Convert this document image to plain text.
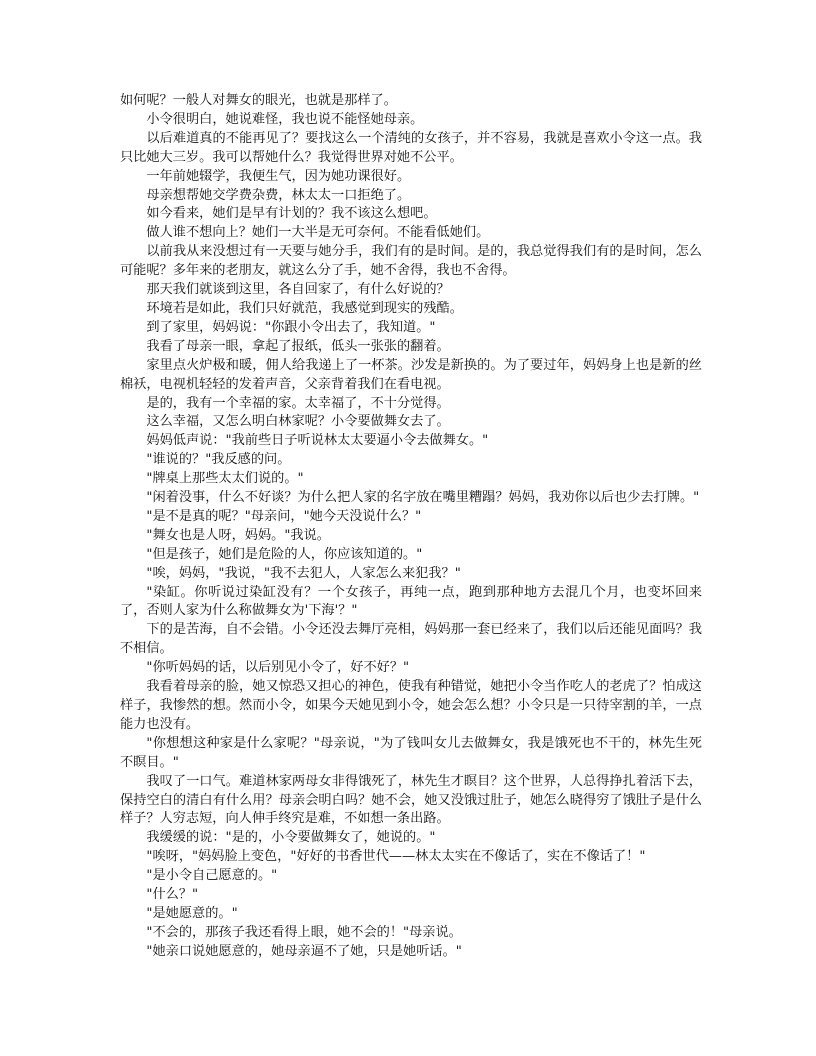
如何呢？一般人对舞女的眼光，也就是那样了。

小令很明白，她说难怪，我也说不能怪她母亲。

以后难道真的不能再见了？要找这么一个清纯的女孩子，并不容易，我就是喜欢小令这一点。我只比她大三岁。我可以帮她什么？我觉得世界对她不公平。

一年前她辍学，我便生气，因为她功课很好。

母亲想帮她交学费杂费，林太太一口拒绝了。

如今看来，她们是早有计划的？我不该这么想吧。

做人谁不想向上？她们一大半是无可奈何。不能看低她们。

以前我从来没想过有一天要与她分手，我们有的是时间。是的，我总觉得我们有的是时间，怎么可能呢？多年来的老朋友，就这么分了手，她不舍得，我也不舍得。

那天我们就谈到这里，各自回家了，有什么好说的？

环境若是如此，我们只好就范，我感觉到现实的残酷。

到了家里，妈妈说："你跟小令出去了，我知道。"

我看了母亲一眼，拿起了报纸，低头一张张的翻着。

家里点火炉极和暖，佣人给我递上了一杯茶。沙发是新换的。为了要过年，妈妈身上也是新的丝棉袄，电视机轻轻的发着声音，父亲背着我们在看电视。

是的，我有一个幸福的家。太幸福了，不十分觉得。

这么幸福，又怎么明白林家呢？小令要做舞女去了。

妈妈低声说："我前些日子听说林太太要逼小令去做舞女。"

"谁说的？"我反感的问。

"牌桌上那些太太们说的。"

"闲着没事，什么不好谈？为什么把人家的名字放在嘴里糟蹋？妈妈，我劝你以后也少去打牌。"

"是不是真的呢？"母亲问，"她今天没说什么？"

"舞女也是人呀，妈妈。"我说。

"但是孩子，她们是危险的人，你应该知道的。"

"唉，妈妈，"我说，"我不去犯人，人家怎么来犯我？"

"染缸。你听说过染缸没有？一个女孩子，再纯一点，跑到那种地方去混几个月，也变坏回来了，否则人家为什么称做舞女为'下海'？"

下的是苦海，自不会错。小令还没去舞厅亮相，妈妈那一套已经来了，我们以后还能见面吗？我不相信。

"你听妈妈的话，以后别见小令了，好不好？"

我看着母亲的脸，她又惊恐又担心的神色，使我有种错觉，她把小令当作吃人的老虎了？怕成这样子，我惨然的想。然而小令，如果今天她见到小令，她会怎么想？小令只是一只待宰割的羊，一点能力也没有。

"你想想这种家是什么家呢？"母亲说，"为了钱叫女儿去做舞女，我是饿死也不干的，林先生死不瞑目。"

我叹了一口气。难道林家两母女非得饿死了，林先生才瞑目？这个世界，人总得挣扎着活下去，保持空白的清白有什么用？母亲会明白吗？她不会，她又没饿过肚子，她怎么晓得穷了饿肚子是什么样子？人穷志短，向人伸手终究是难，不如想一条出路。

我缓缓的说："是的，小令要做舞女了，她说的。"

"唉呀，"妈妈脸上变色，"好好的书香世代——林太太实在不像话了，实在不像话了！"

"是小令自己愿意的。"

"什么？"

"是她愿意的。"

"不会的，那孩子我还看得上眼，她不会的！"母亲说。

"她亲口说她愿意的，她母亲逼不了她，只是她听话。"
